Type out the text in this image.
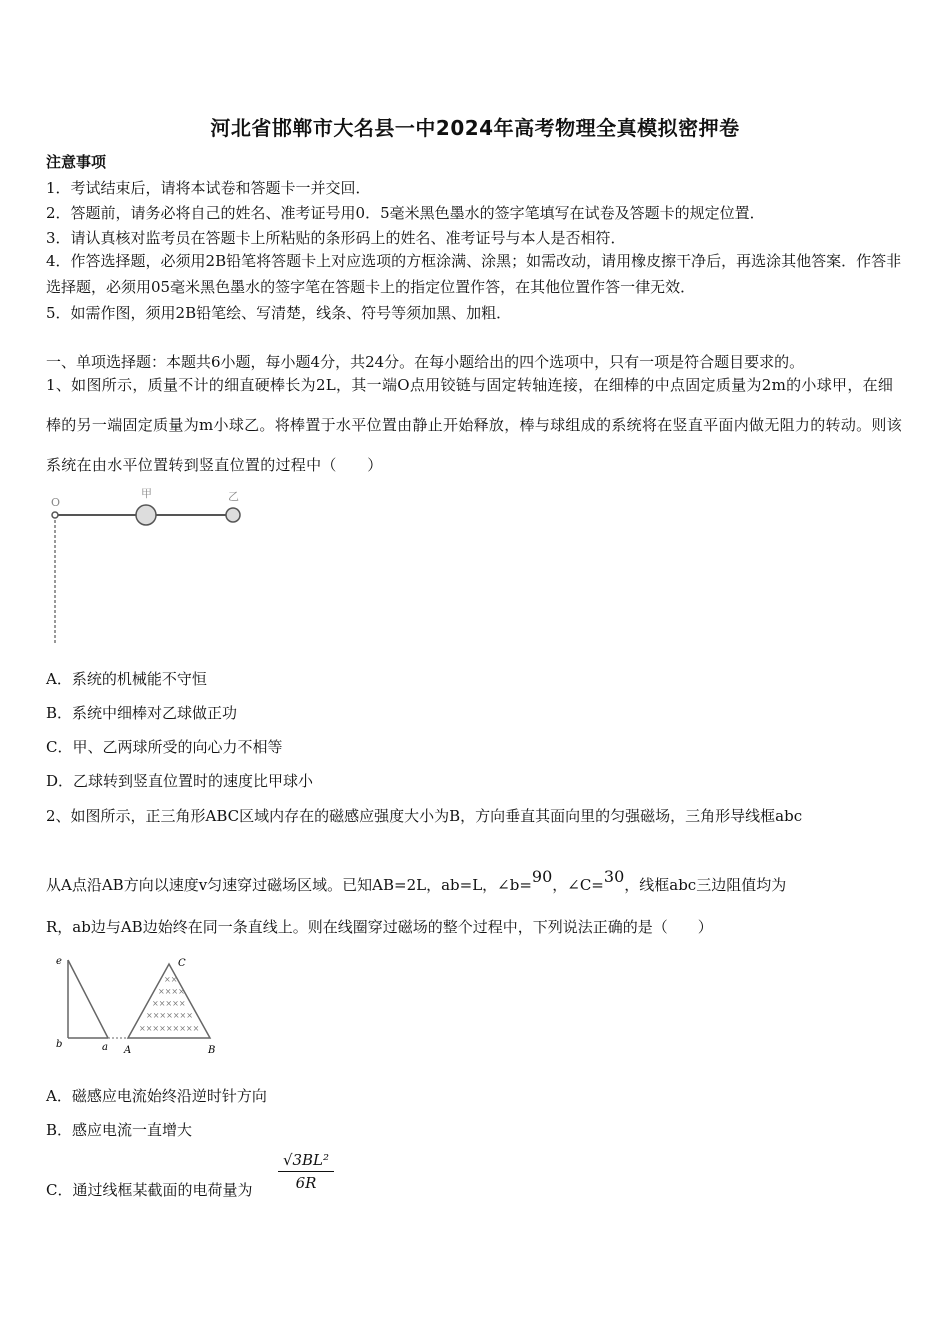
河北省邯郸市大名县一中2024年高考物理全真模拟密押卷
注意事项
1．考试结束后，请将本试卷和答题卡一并交回．
2．答题前，请务必将自己的姓名、准考证号用0．5毫米黑色墨水的签字笔填写在试卷及答题卡的规定位置．
3．请认真核对监考员在答题卡上所粘贴的条形码上的姓名、准考证号与本人是否相符．
4．作答选择题，必须用2B铅笔将答题卡上对应选项的方框涂满、涂黑；如需改动，请用橡皮擦干净后，再选涂其他答案．作答非选择题，必须用05毫米黑色墨水的签字笔在答题卡上的指定位置作答，在其他位置作答一律无效．
5．如需作图，须用2B铅笔绘、写清楚，线条、符号等须加黑、加粗．
一、单项选择题：本题共6小题，每小题4分，共24分。在每小题给出的四个选项中，只有一项是符合题目要求的。
1、如图所示，质量不计的细直硬棒长为2L，其一端O点用铰链与固定转轴连接，在细棒的中点固定质量为2m的小球甲，在细棒的另一端固定质量为m小球乙。将棒置于水平位置由静止开始释放，棒与球组成的系统将在竖直平面内做无阻力的转动。则该系统在由水平位置转到竖直位置的过程中（　　）
O
甲	乙
A．系统的机械能不守恒
B．系统中细棒对乙球做正功
C．甲、乙两球所受的向心力不相等
D．乙球转到竖直位置时的速度比甲球小
2、如图所示，正三角形ABC区域内存在的磁感应强度大小为B，方向垂直其面向里的匀强磁场，三角形导线框abc
从A点沿AB方向以速度v匀速穿过磁场区域。已知AB=2L，ab=L，∠b=90，∠C=30，线框abc三边阻值均为
R，ab边与AB边始终在同一条直线上。则在线圈穿过磁场的整个过程中，下列说法正确的是（　　）
××
××××
×××××
×××××××
×××××××××
e
b	a A	B
C
A．磁感应电流始终沿逆时针方向
B．感应电流一直增大
C．通过线框某截面的电荷量为 $\frac{\text{√3BL²}}{6R}$
